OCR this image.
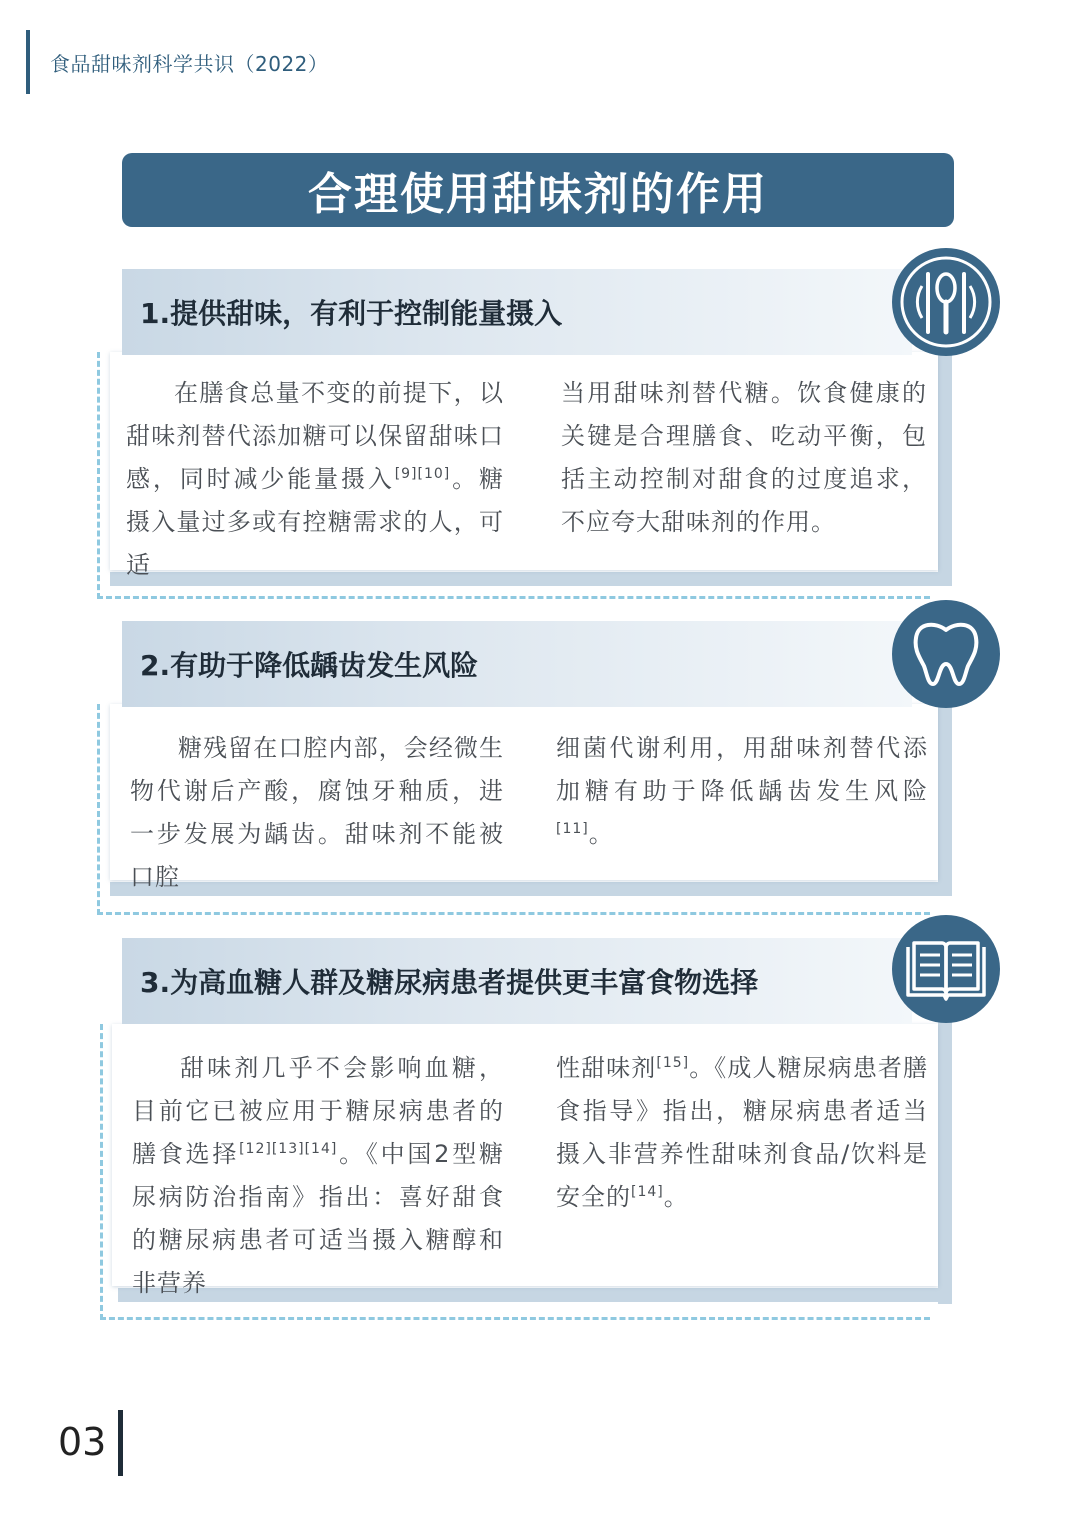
食品甜味剂科学共识（2022）
合理使用甜味剂的作用
1.提供甜味，有利于控制能量摄入

在膳食总量不变的前提下，以甜味剂替代添加糖可以保留甜味口感，同时减少能量摄入[9][10]。糖摄入量过多或有控糖需求的人，可适

当用甜味剂替代糖。饮食健康的关键是合理膳食、吃动平衡，包括主动控制对甜食的过度追求，不应夸大甜味剂的作用。

2.有助于降低龋齿发生风险

糖残留在口腔内部，会经微生物代谢后产酸，腐蚀牙釉质，进一步发展为龋齿。甜味剂不能被口腔

细菌代谢利用，用甜味剂替代添加糖有助于降低龋齿发生风险[11]。

3.为高血糖人群及糖尿病患者提供更丰富食物选择

甜味剂几乎不会影响血糖，目前它已被应用于糖尿病患者的膳食选择[12][13][14]。《中国2型糖尿病防治指南》指出：喜好甜食的糖尿病患者可适当摄入糖醇和非营养

性甜味剂[15]。《成人糖尿病患者膳食指导》指出，糖尿病患者适当摄入非营养性甜味剂食品/饮料是安全的[14]。

03
